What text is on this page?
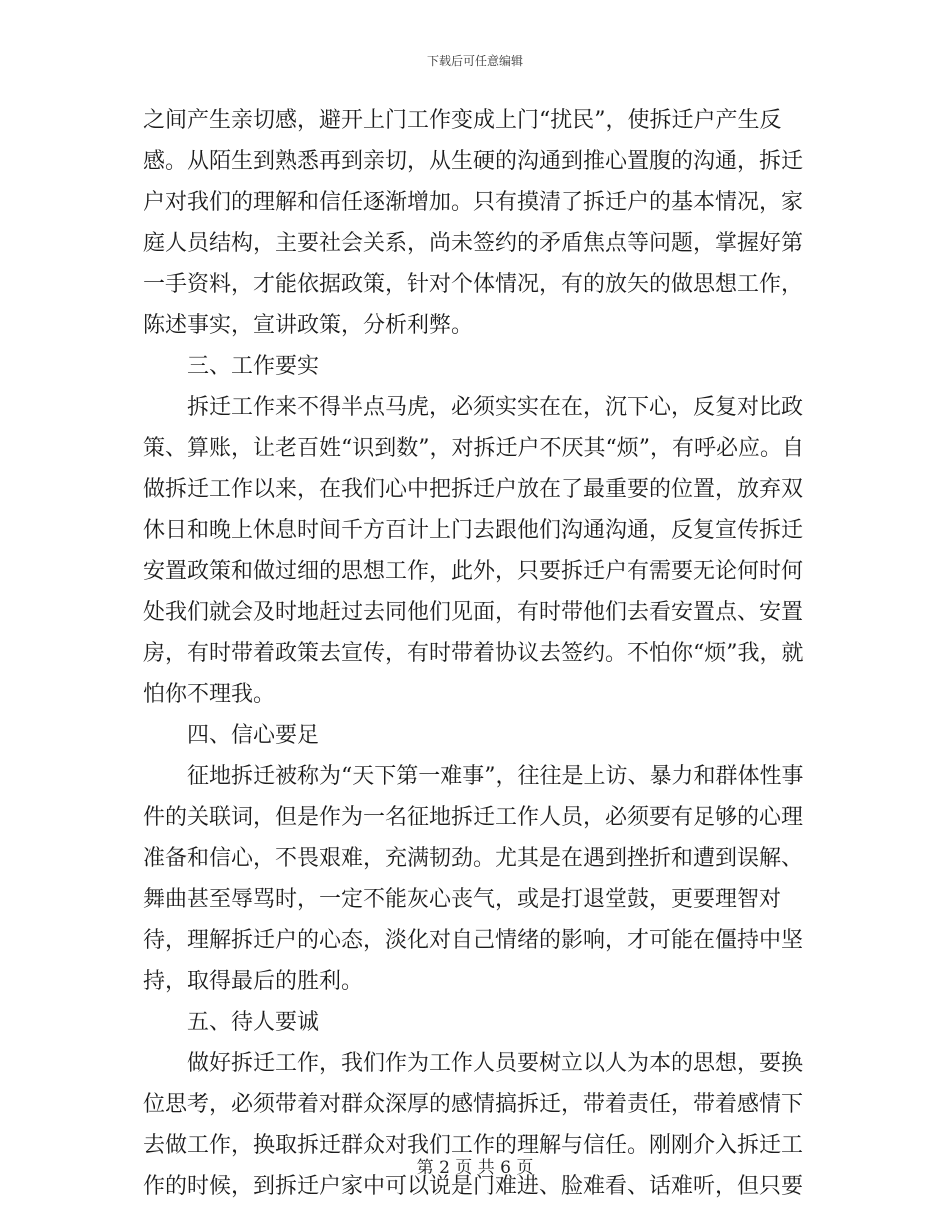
下载后可任意编辑

之间产生亲切感，避开上门工作变成上门“扰民”，使拆迁户产生反感。从陌生到熟悉再到亲切，从生硬的沟通到推心置腹的沟通，拆迁户对我们的理解和信任逐渐增加。只有摸清了拆迁户的基本情况，家庭人员结构，主要社会关系，尚未签约的矛盾焦点等问题，掌握好第一手资料，才能依据政策，针对个体情况，有的放矢的做思想工作，陈述事实，宣讲政策，分析利弊。

三、工作要实

拆迁工作来不得半点马虎，必须实实在在，沉下心，反复对比政策、算账，让老百姓“识到数”，对拆迁户不厌其“烦”，有呼必应。自做拆迁工作以来，在我们心中把拆迁户放在了最重要的位置，放弃双休日和晚上休息时间千方百计上门去跟他们沟通沟通，反复宣传拆迁安置政策和做过细的思想工作，此外，只要拆迁户有需要无论何时何处我们就会及时地赶过去同他们见面，有时带他们去看安置点、安置房，有时带着政策去宣传，有时带着协议去签约。不怕你“烦”我，就怕你不理我。

四、信心要足

征地拆迁被称为“天下第一难事”，往往是上访、暴力和群体性事件的关联词，但是作为一名征地拆迁工作人员，必须要有足够的心理准备和信心，不畏艰难，充满韧劲。尤其是在遇到挫折和遭到误解、舞曲甚至辱骂时，一定不能灰心丧气，或是打退堂鼓，更要理智对待，理解拆迁户的心态，淡化对自己情绪的影响，才可能在僵持中坚持，取得最后的胜利。

五、待人要诚

做好拆迁工作，我们作为工作人员要树立以人为本的思想，要换位思考，必须带着对群众深厚的感情搞拆迁，带着责任，带着感情下去做工作，换取拆迁群众对我们工作的理解与信任。刚刚介入拆迁工作的时候，到拆迁户家中可以说是门难进、脸难看、话难听，但只要

第 2 页 共 6 页
